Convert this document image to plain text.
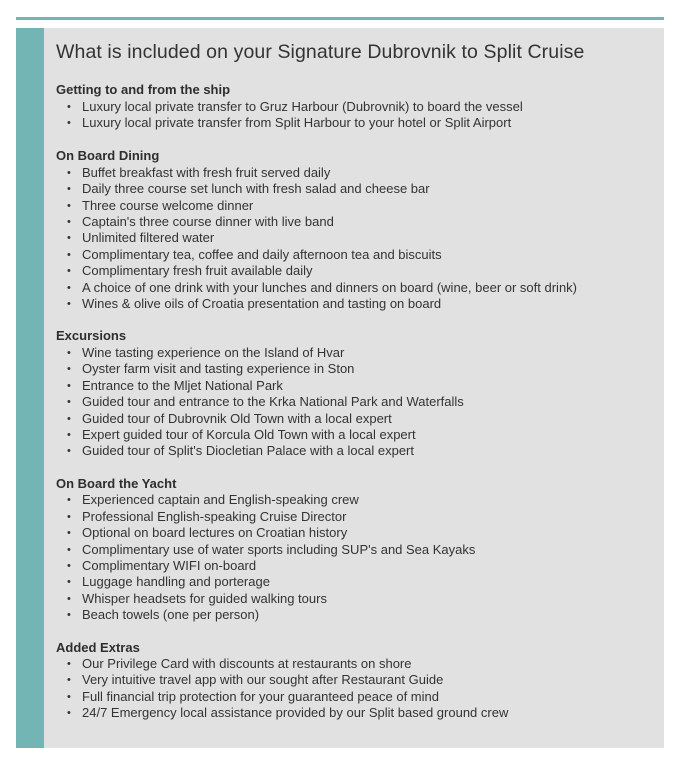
What is included on your Signature Dubrovnik to Split Cruise
Getting to and from the ship
• Luxury local private transfer to Gruz Harbour (Dubrovnik) to board the vessel
• Luxury local private transfer from Split Harbour to your hotel or Split Airport
On Board Dining
• Buffet breakfast with fresh fruit served daily
• Daily three course set lunch with fresh salad and cheese bar
• Three course welcome dinner
• Captain's three course dinner with live band
• Unlimited filtered water
• Complimentary tea, coffee and daily afternoon tea and biscuits
• Complimentary fresh fruit available daily
• A choice of one drink with your lunches and dinners on board (wine, beer or soft drink)
• Wines & olive oils of Croatia presentation and tasting on board
Excursions
• Wine tasting experience on the Island of Hvar
• Oyster farm visit and tasting experience in Ston
• Entrance to the Mljet National Park
• Guided tour and entrance to the Krka National Park and Waterfalls
• Guided tour of Dubrovnik Old Town with a local expert
• Expert guided tour of Korcula Old Town with a local expert
• Guided tour of Split's Diocletian Palace with a local expert
On Board the Yacht
• Experienced captain and English-speaking crew
• Professional English-speaking Cruise Director
• Optional on board lectures on Croatian history
• Complimentary use of water sports including SUP's and Sea Kayaks
• Complimentary WIFI on-board
• Luggage handling and porterage
• Whisper headsets for guided walking tours
• Beach towels (one per person)
Added Extras
• Our Privilege Card with discounts at restaurants on shore
• Very intuitive travel app with our sought after Restaurant Guide
• Full financial trip protection for your guaranteed peace of mind
• 24/7 Emergency local assistance provided by our Split based ground crew
